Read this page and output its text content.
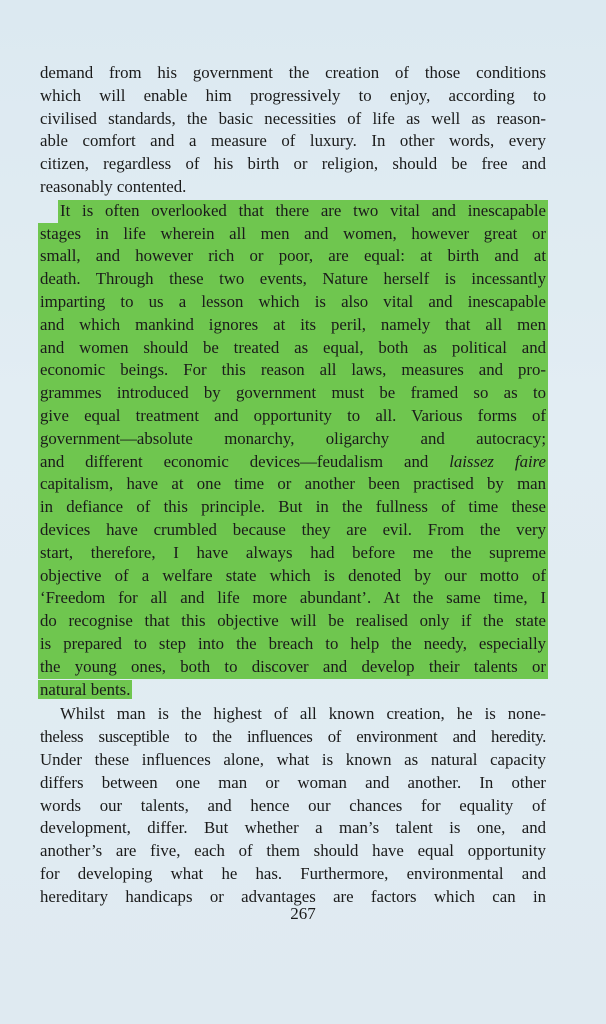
demand from his government the creation of those conditions
which will enable him progressively to enjoy, according to
civilised standards, the basic necessities of life as well as reason-
able comfort and a measure of luxury. In other words, every
citizen, regardless of his birth or religion, should be free and
reasonably contented.
It is often overlooked that there are two vital and inescapable
stages in life wherein all men and women, however great or
small, and however rich or poor, are equal: at birth and at
death. Through these two events, Nature herself is incessantly
imparting to us a lesson which is also vital and inescapable
and which mankind ignores at its peril, namely that all men
and women should be treated as equal, both as political and
economic beings. For this reason all laws, measures and pro-
grammes introduced by government must be framed so as to
give equal treatment and opportunity to all. Various forms of
government—absolute monarchy, oligarchy and autocracy;
and different economic devices—feudalism and laissez faire
capitalism, have at one time or another been practised by man
in defiance of this principle. But in the fullness of time these
devices have crumbled because they are evil. From the very
start, therefore, I have always had before me the supreme
objective of a welfare state which is denoted by our motto of
‘Freedom for all and life more abundant’. At the same time, I
do recognise that this objective will be realised only if the state
is prepared to step into the breach to help the needy, especially
the young ones, both to discover and develop their talents or
natural bents.
Whilst man is the highest of all known creation, he is none-
theless susceptible to the influences of environment and heredity.
Under these influences alone, what is known as natural capacity
differs between one man or woman and another. In other
words our talents, and hence our chances for equality of
development, differ. But whether a man’s talent is one, and
another’s are five, each of them should have equal opportunity
for developing what he has. Furthermore, environmental and
hereditary handicaps or advantages are factors which can in
267
